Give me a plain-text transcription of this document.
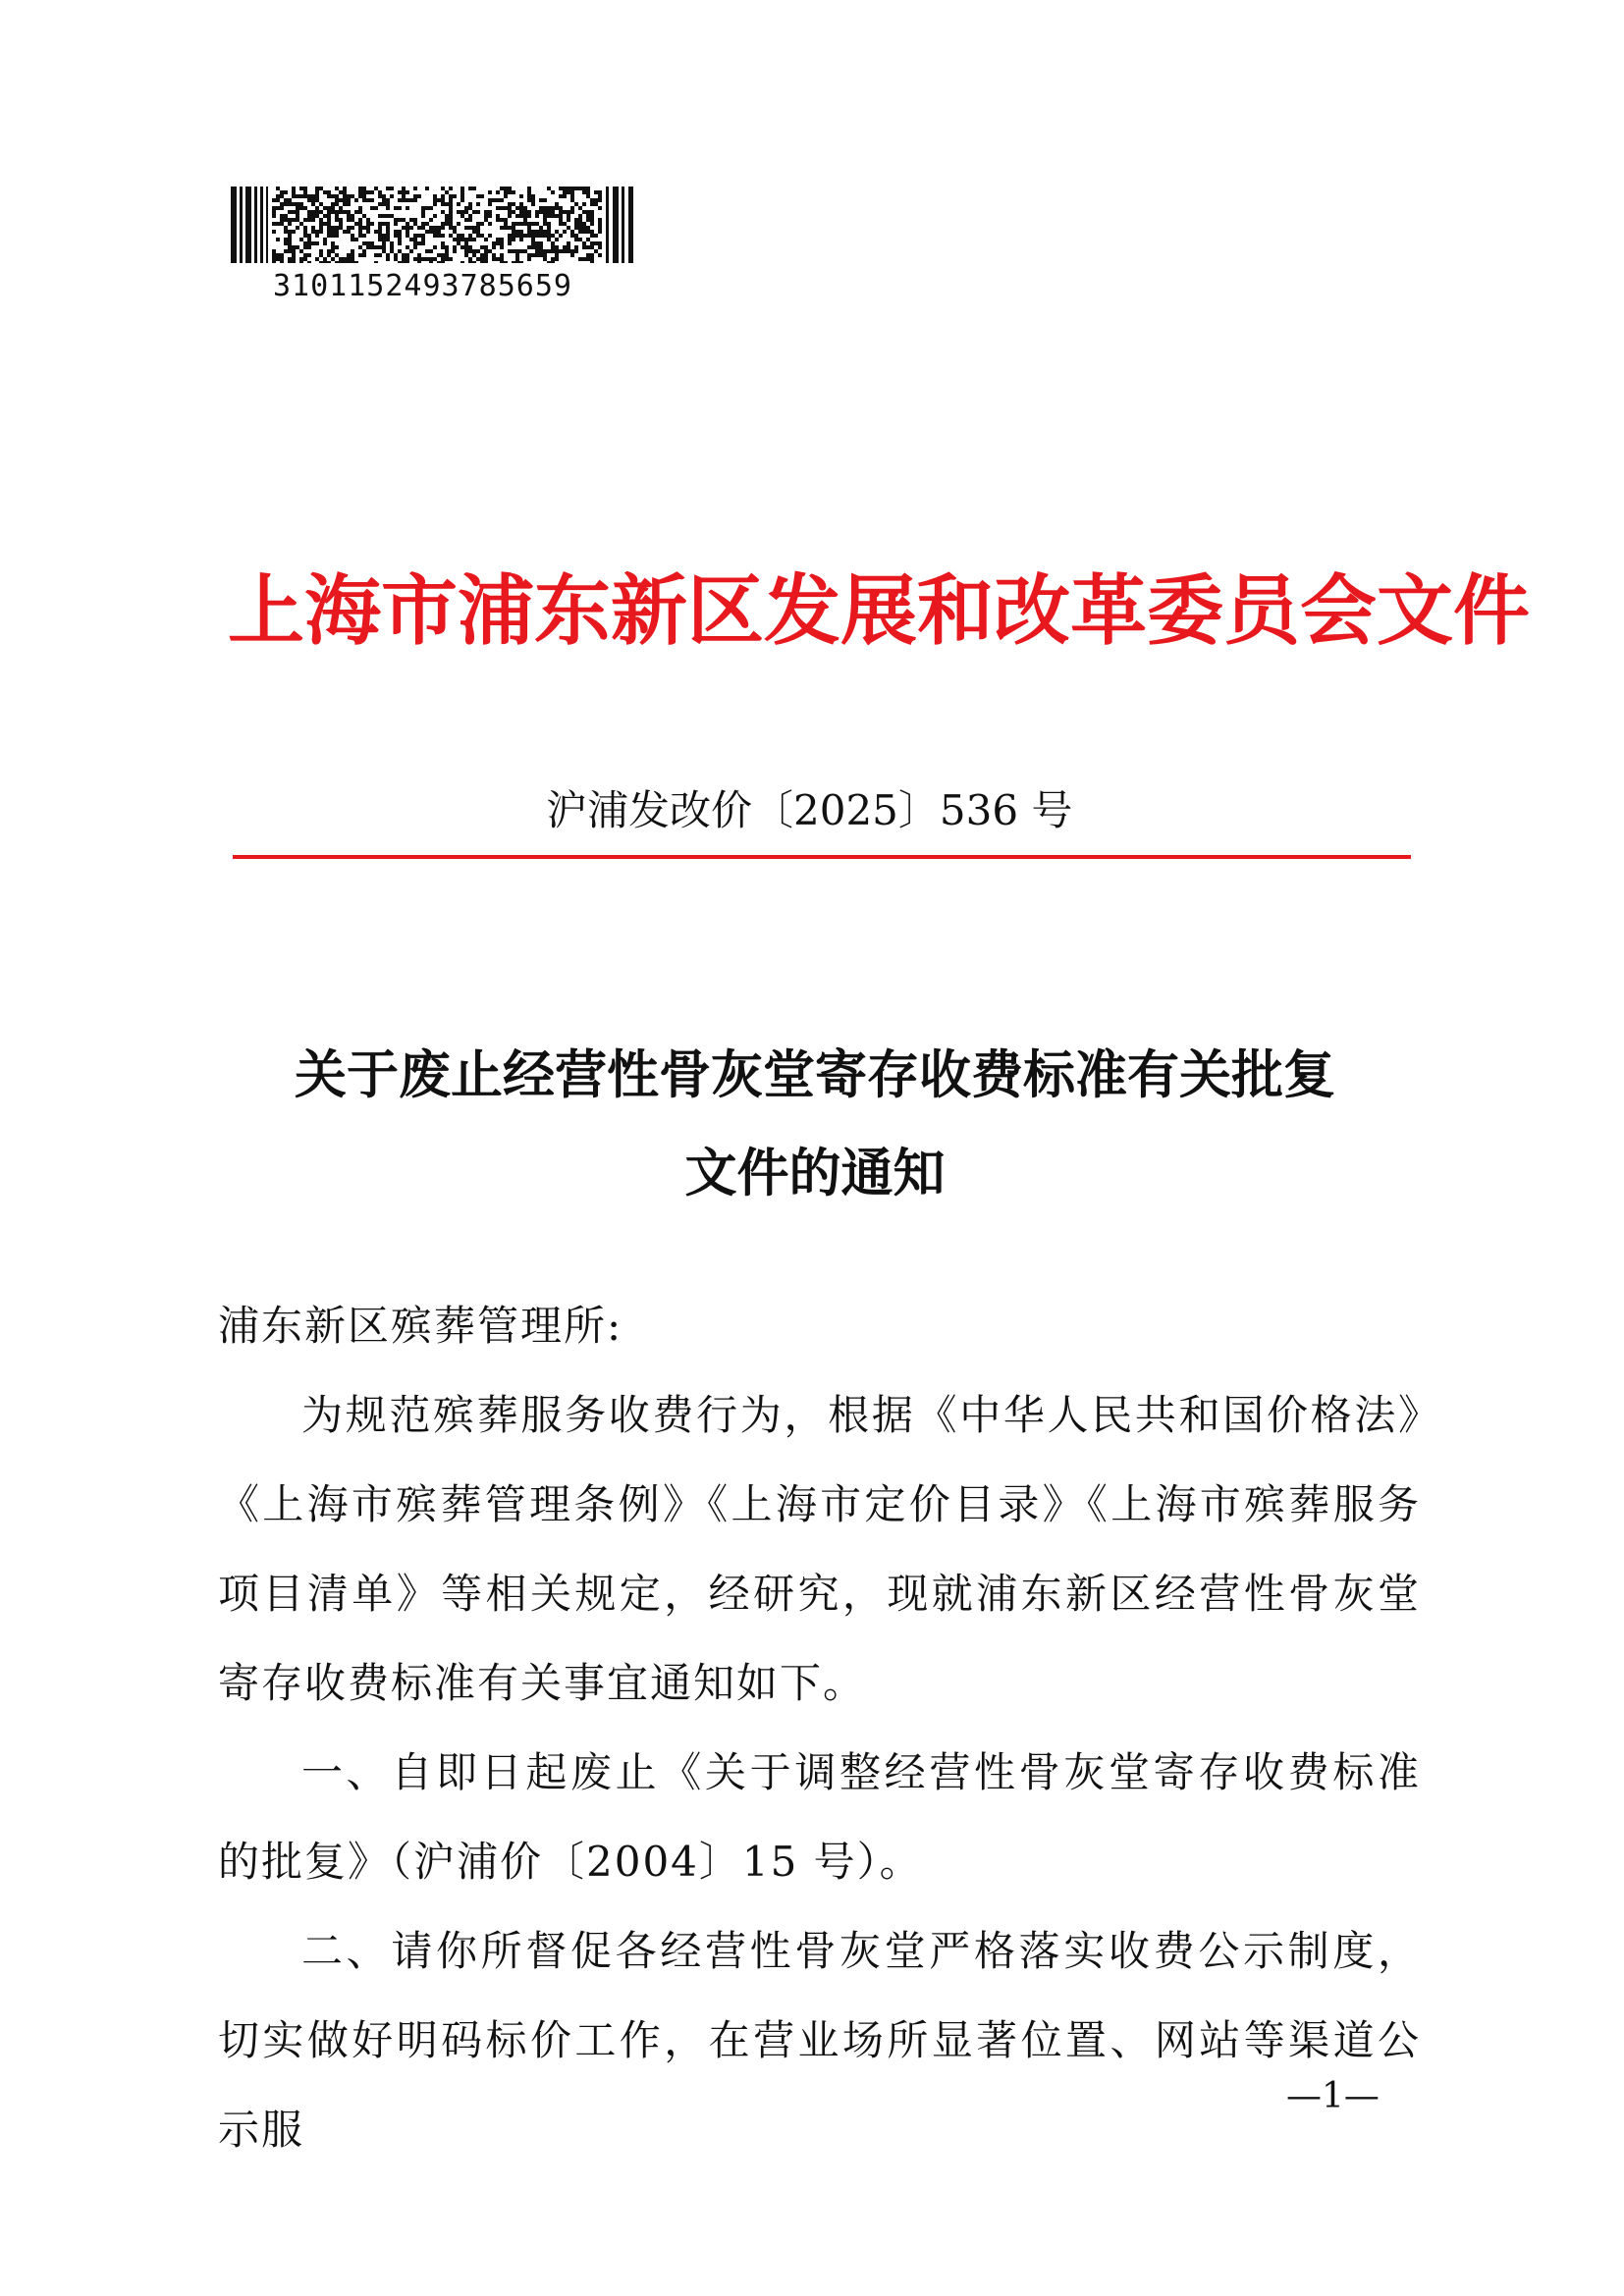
3101152493785659
上海市浦东新区发展和改革委员会文件
沪浦发改价〔2025〕536 号
关于废止经营性骨灰堂寄存收费标准有关批复
文件的通知

浦东新区殡葬管理所:

为规范殡葬服务收费行为，根据《中华人民共和国价格法》《上海市殡葬管理条例》《上海市定价目录》《上海市殡葬服务项目清单》等相关规定，经研究，现就浦东新区经营性骨灰堂寄存收费标准有关事宜通知如下。

一、自即日起废止《关于调整经营性骨灰堂寄存收费标准的批复》（沪浦价〔2004〕15 号）。

二、请你所督促各经营性骨灰堂严格落实收费公示制度，切实做好明码标价工作，在营业场所显著位置、网站等渠道公示服

—1—
